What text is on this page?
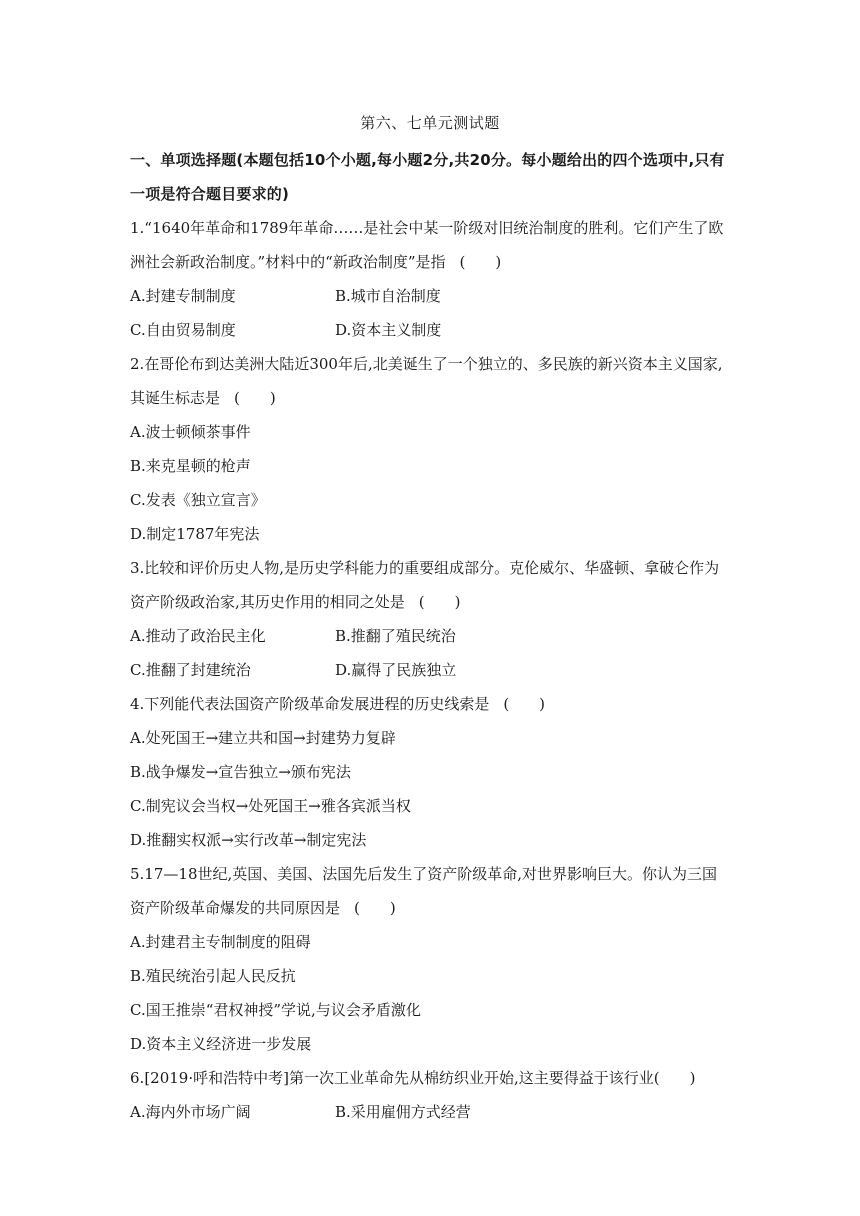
第六、七单元测试题

一、单项选择题(本题包括10个小题,每小题2分,共20分。每小题给出的四个选项中,只有一项是符合题目要求的)

1.“1640年革命和1789年革命……是社会中某一阶级对旧统治制度的胜利。它们产生了欧洲社会新政治制度。”材料中的“新政治制度”是指 (　　)

A.封建专制制度	B.城市自治制度

C.自由贸易制度	D.资本主义制度

2.在哥伦布到达美洲大陆近300年后,北美诞生了一个独立的、多民族的新兴资本主义国家,其诞生标志是 (　　)

A.波士顿倾茶事件

B.来克星顿的枪声

C.发表《独立宣言》

D.制定1787年宪法

3.比较和评价历史人物,是历史学科能力的重要组成部分。克伦威尔、华盛顿、拿破仑作为资产阶级政治家,其历史作用的相同之处是 (　　)

A.推动了政治民主化	B.推翻了殖民统治

C.推翻了封建统治	D.赢得了民族独立

4.下列能代表法国资产阶级革命发展进程的历史线索是 (　　)

A.处死国王→建立共和国→封建势力复辟

B.战争爆发→宣告独立→颁布宪法

C.制宪议会当权→处死国王→雅各宾派当权

D.推翻实权派→实行改革→制定宪法

5.17—18世纪,英国、美国、法国先后发生了资产阶级革命,对世界影响巨大。你认为三国资产阶级革命爆发的共同原因是 (　　)

A.封建君主专制制度的阻碍

B.殖民统治引起人民反抗

C.国王推崇“君权神授”学说,与议会矛盾激化

D.资本主义经济进一步发展

6.[2019·呼和浩特中考]第一次工业革命先从棉纺织业开始,这主要得益于该行业(　　)

A.海内外市场广阔	B.采用雇佣方式经营
